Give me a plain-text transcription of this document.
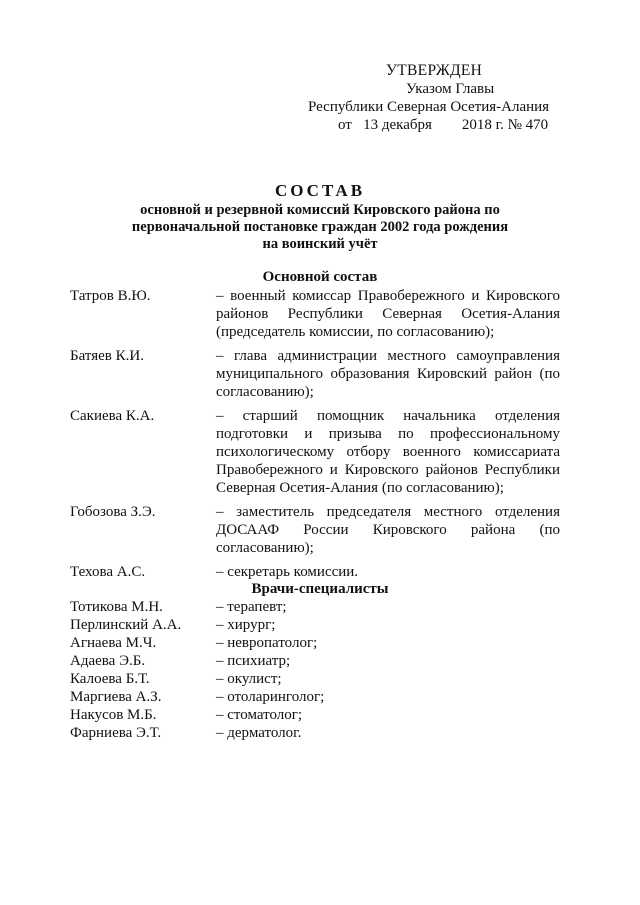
УТВЕРЖДЕН
Указом Главы
Республики Северная Осетия-Алания
от   13 декабря        2018 г. № 470
СОСТАВ
основной и резервной комиссий Кировского района по
первоначальной постановке граждан 2002 года рождения
на воинский учёт
Основной состав
Татров В.Ю.	– военный комиссар Правобережного и Кировского районов Республики Северная Осетия-Алания (председатель комиссии, по согласованию);
Батяев К.И.	– глава администрации местного самоуправления муниципального образования Кировский район (по согласованию);
Сакиева К.А.	– старший помощник начальника отделения подготовки и призыва по профессиональному психологическому отбору военного комиссариата Правобережного и Кировского районов Республики Северная Осетия-Алания (по согласованию);
Гобозова З.Э.	– заместитель председателя местного отделения ДОСААФ России Кировского района (по согласованию);
Техова А.С.	– секретарь комиссии.
Врачи-специалисты
Тотикова М.Н.	– терапевт;
Перлинский А.А.	– хирург;
Агнаева М.Ч.	– невропатолог;
Адаева Э.Б.	– психиатр;
Калоева Б.Т.	– окулист;
Маргиева А.З.	– отоларинголог;
Накусов М.Б.	– стоматолог;
Фарниева Э.Т.	– дерматолог.
